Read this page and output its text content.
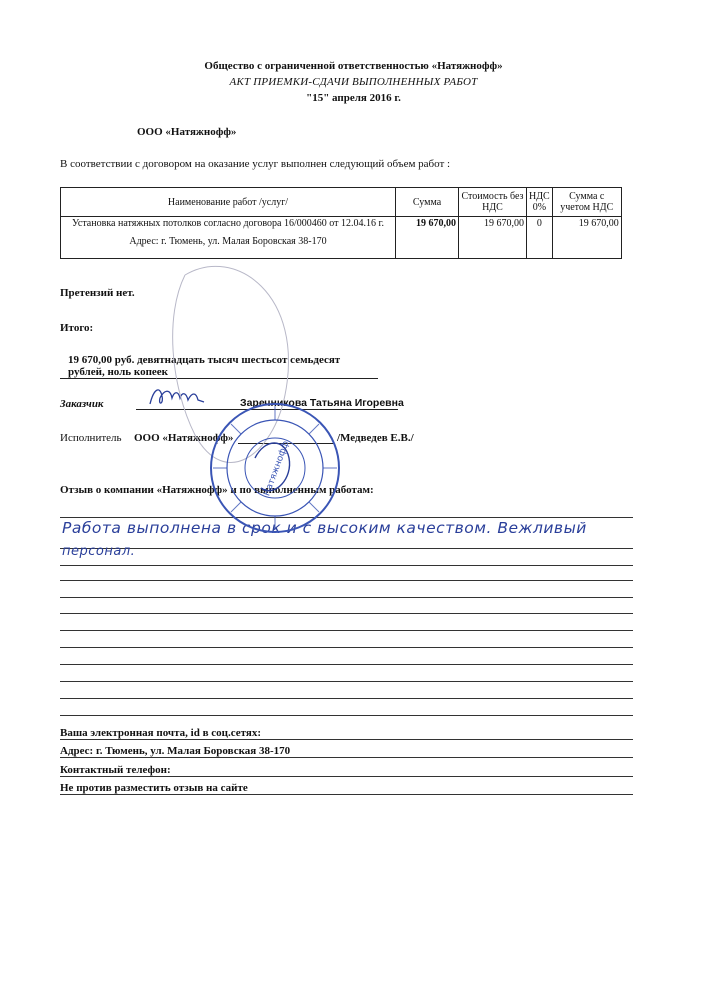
Общество с ограниченной ответственностью «Натяжнофф»
АКТ ПРИЕМКИ-СДАЧИ ВЫПОЛНЕННЫХ РАБОТ
"15" апреля 2016 г.
ООО «Натяжнофф»
В соответствии с договором на оказание услуг выполнен следующий объем работ :
Наименование работ /услуг/	Сумма	Стоимость без НДС	НДС 0%	Сумма с учетом НДС

Установка натяжных потолков согласно договора 16/000460 от 12.04.16 г.
Адрес: г. Тюмень, ул. Малая Боровская 38-170	19 670,00	19 670,00	0	19 670,00
Претензий нет.
Итого:
19 670,00 руб. девятнадцать тысяч шестьсот семьдесят рублей, ноль копеек
Заказчик	Заречникова Татьяна Игоревна
Исполнитель ООО «Натяжнофф»	/Медведев Е.В./
Отзыв о компании «Натяжнофф» и по выполненным работам:
Работа выполнена в срок и с высоким качеством. Вежливый
персонал.
Ваша электронная почта, id в соц.сетях:
Адрес: г. Тюмень, ул. Малая Боровская 38-170
Контактный телефон:
Не против разместить отзыв на сайте
Натяжнофф
